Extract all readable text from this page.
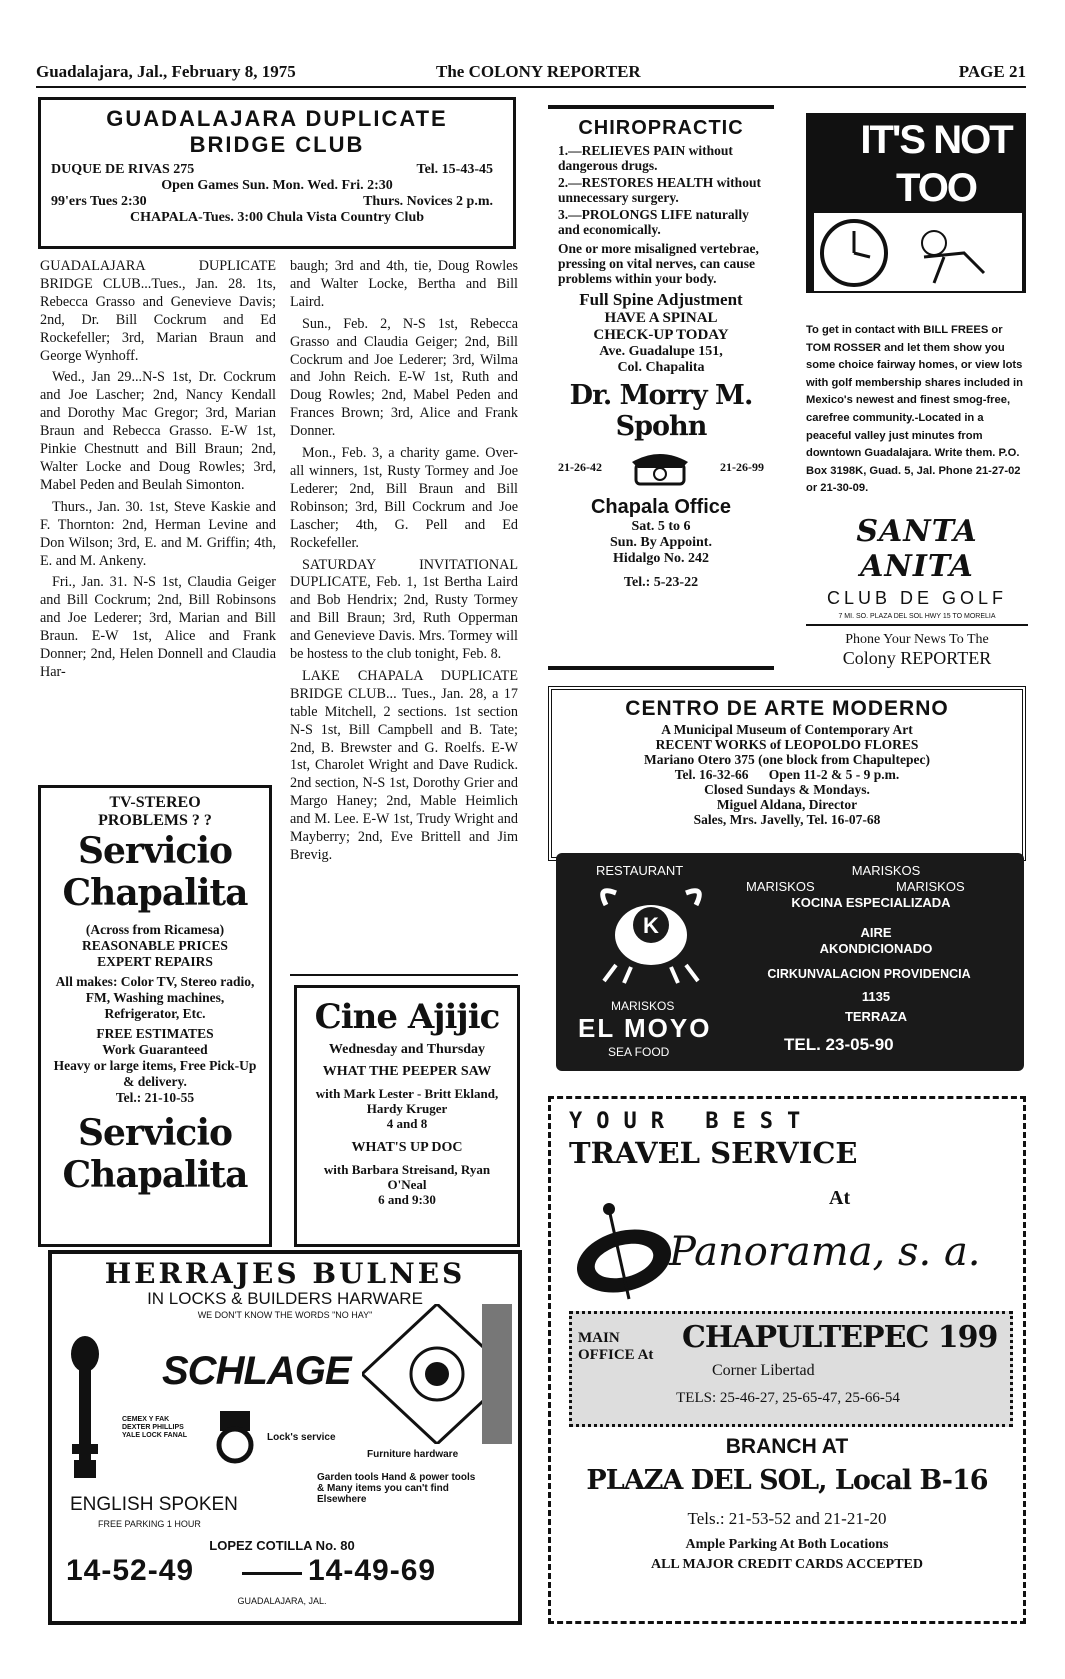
Guadalajara, Jal., February 8, 1975	The COLONY REPORTER	PAGE 21
GUADALAJARA DUPLICATE
BRIDGE CLUB
DUQUE DE RIVAS 275	Tel. 15-43-45
Open Games Sun. Mon. Wed. Fri. 2:30
99'ers Tues 2:30	Thurs. Novices 2 p.m.
CHAPALA-Tues. 3:00 Chula Vista Country Club

GUADALAJARA DUPLICATE BRIDGE CLUB...Tues., Jan. 28. 1ts, Rebecca Grasso and Genevieve Davis; 2nd, Dr. Bill Cockrum and Ed Rockefeller; 3rd, Marian Braun and George Wynhoff.

Wed., Jan 29...N-S 1st, Dr. Cockrum and Joe Lascher; 2nd, Nancy Kendall and Dorothy Mac Gregor; 3rd, Marian Braun and Rebecca Grasso. E-W 1st, Pinkie Chestnutt and Bill Braun; 2nd, Walter Locke and Doug Rowles; 3rd, Mabel Peden and Beulah Simonton.

Thurs., Jan. 30. 1st, Steve Kaskie and F. Thornton: 2nd, Herman Levine and Don Wilson; 3rd, E. and M. Griffin; 4th, E. and M. Ankeny.

Fri., Jan. 31. N-S 1st, Claudia Geiger and Bill Cockrum; 2nd, Bill Robinsons and Joe Lederer; 3rd, Marian and Bill Braun. E-W 1st, Alice and Frank Donner; 2nd, Helen Donnell and Claudia Har-

baugh; 3rd and 4th, tie, Doug Rowles and Walter Locke, Bertha and Bill Laird.

Sun., Feb. 2, N-S 1st, Rebecca Grasso and Claudia Geiger; 2nd, Bill Cockrum and Joe Lederer; 3rd, Wilma and John Reich. E-W 1st, Ruth and Doug Rowles; 2nd, Mabel Peden and Frances Brown; 3rd, Alice and Frank Donner.

Mon., Feb. 3, a charity game. Over-all winners, 1st, Rusty Tormey and Joe Lederer; 2nd, Bill Braun and Bill Robinson; 3rd, Bill Cockrum and Joe Lascher; 4th, G. Pell and Ed Rockefeller.

SATURDAY INVITATIONAL DUPLICATE, Feb. 1, 1st Bertha Laird and Bob Hendrix; 2nd, Rusty Tormey and Bill Braun; 3rd, Ruth Opperman and Genevieve Davis. Mrs. Tormey will be hostess to the club tonight, Feb. 8.

LAKE CHAPALA DUPLICATE BRIDGE CLUB... Tues., Jan. 28, a 17 table Mitchell, 2 sections. 1st section N-S 1st, Bill Campbell and B. Tate; 2nd, B. Brewster and G. Roelfs. E-W 1st, Charolet Wright and Dave Rudick. 2nd section, N-S 1st, Dorothy Grier and Margo Haney; 2nd, Mable Heimlich and M. Lee. E-W 1st, Trudy Wright and Mayberry; 2nd, Eve Brittell and Jim Brevig.

TV-STEREO
PROBLEMS ? ?
Servicio
Chapalita
(Across from Ricamesa)
REASONABLE PRICES
EXPERT REPAIRS
All makes: Color TV, Stereo radio, FM, Washing machines, Refrigerator, Etc.
FREE ESTIMATES
Work Guaranteed
Heavy or large items, Free Pick-Up & delivery.
Tel.: 21-10-55
Servicio
Chapalita
Cine Ajijic
Wednesday and Thursday
WHAT THE PEEPER SAW
with Mark Lester - Britt Ekland, Hardy Kruger
4 and 8
WHAT'S UP DOC
with Barbara Streisand, Ryan O'Neal
6 and 9:30
HERRAJES BULNES
IN LOCKS & BUILDERS HARWARE
WE DON'T KNOW THE WORDS "NO HAY"
SCHLAGE
CEMEX Y FAK DEXTER PHILLIPS YALE LOCK FANAL	Lock's service
Furniture hardware
Garden tools Hand & power tools & Many items you can't find Elsewhere
ENGLISH SPOKEN
FREE PARKING 1 HOUR
LOPEZ COTILLA No. 80
14-52-49	14-49-69
GUADALAJARA, JAL.
CHIROPRACTIC
1.—RELIEVES PAIN without dangerous drugs.
2.—RESTORES HEALTH without unnecessary surgery.
3.—PROLONGS LIFE naturally and economically.
One or more misaligned vertebrae, pressing on vital nerves, can cause problems within your body.
Full Spine Adjustment
HAVE A SPINAL
CHECK-UP TODAY
Ave. Guadalupe 151,
Col. Chapalita
Dr. Morry M. Spohn
21-26-42	21-26-99
Chapala Office
Sat. 5 to 6
Sun. By Appoint.
Hidalgo No. 242
Tel.: 5-23-22
IT'S NOT
TOO
To get in contact with BILL FREES or TOM ROSSER and let them show you some choice fairway homes, or view lots with golf membership shares included in Mexico's newest and finest smog-free, carefree community.-Located in a peaceful valley just minutes from downtown Guadalajara. Write them. P.O. Box 3198K, Guad. 5, Jal. Phone 21-27-02 or 21-30-09.
SANTA ANITA
CLUB DE GOLF
7 MI. SO. PLAZA DEL SOL HWY 15 TO MORELIA
Phone Your News To The
Colony REPORTER
CENTRO DE ARTE MODERNO
A Municipal Museum of Contemporary Art
RECENT WORKS of LEOPOLDO FLORES
Mariano Otero 375 (one block from Chapultepec)
Tel. 16-32-66 Open 11-2 & 5 - 9 p.m.
Closed Sundays & Mondays.
Miguel Aldana, Director
Sales, Mrs. Javelly, Tel. 16-07-68
RESTAURANT	MARISKOS
MARISKOS	MARISKOS
KOCINA ESPECIALIZADA
AIRE
AKONDICIONADO
CIRKUNVALACION PROVIDENCIA
1135
TERRAZA
K
MARISKOS
EL MOYO
SEA FOOD	TEL. 23-05-90
YOUR BEST
TRAVEL SERVICE
At
Panorama, s. a.
MAIN OFFICE At CHAPULTEPEC 199
Corner Libertad
TELS: 25-46-27, 25-65-47, 25-66-54
BRANCH AT
PLAZA DEL SOL, Local B-16
Tels.: 21-53-52 and 21-21-20
Ample Parking At Both Locations
ALL MAJOR CREDIT CARDS ACCEPTED
